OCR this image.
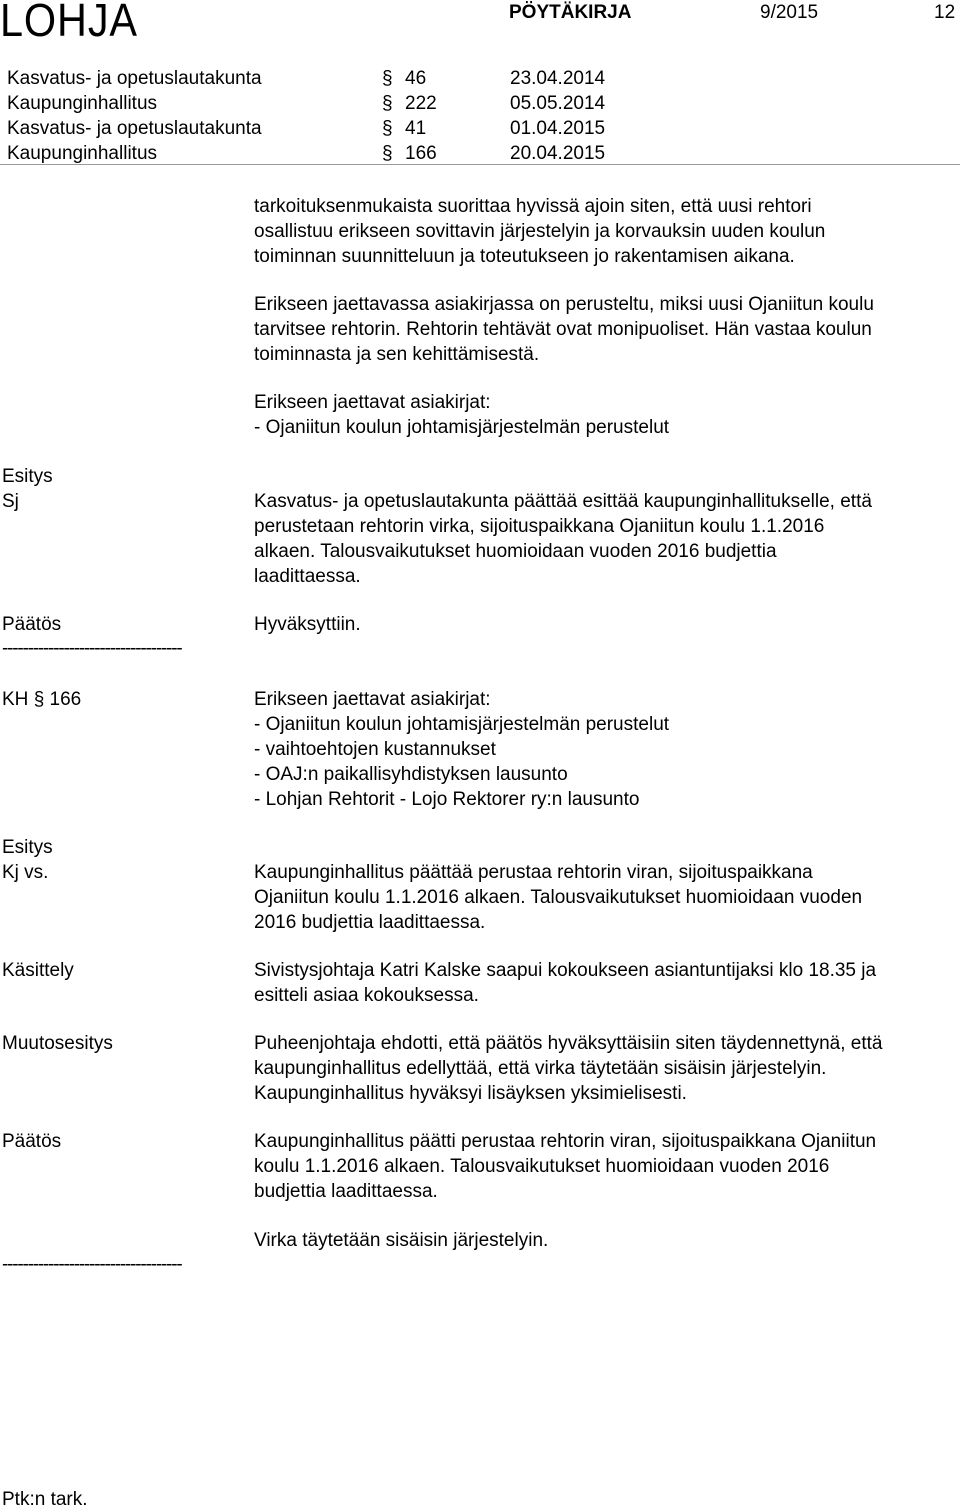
LOHJA	PÖYTÄKIRJA	9/2015	12
Kasvatus- ja opetuslautakunta	§ 46	23.04.2014
Kaupunginhallitus	§ 222	05.05.2014
Kasvatus- ja opetuslautakunta	§ 41	01.04.2015
Kaupunginhallitus	§ 166	20.04.2015
tarkoituksenmukaista suorittaa hyvissä ajoin siten, että uusi rehtori
osallistuu erikseen sovittavin järjestelyin ja korvauksin uuden koulun
toiminnan suunnitteluun ja toteutukseen jo rakentamisen aikana.
Erikseen jaettavassa asiakirjassa on perusteltu, miksi uusi Ojaniitun koulu
tarvitsee rehtorin. Rehtorin tehtävät ovat monipuoliset. Hän vastaa koulun
toiminnasta ja sen kehittämisestä.
Erikseen jaettavat asiakirjat:
- Ojaniitun koulun johtamisjärjestelmän perustelut
Esitys
Sj	Kasvatus- ja opetuslautakunta päättää esittää kaupunginhallitukselle, että
perustetaan rehtorin virka, sijoituspaikkana Ojaniitun koulu 1.1.2016
alkaen. Talousvaikutukset huomioidaan vuoden 2016 budjettia
laadittaessa.
Päätös	Hyväksyttiin.
-----------------------------------
KH § 166	Erikseen jaettavat asiakirjat:
- Ojaniitun koulun johtamisjärjestelmän perustelut
- vaihtoehtojen kustannukset
- OAJ:n paikallisyhdistyksen lausunto
- Lohjan Rehtorit - Lojo Rektorer ry:n lausunto
Esitys
Kj vs.	Kaupunginhallitus päättää perustaa rehtorin viran, sijoituspaikkana
Ojaniitun koulu 1.1.2016 alkaen. Talousvaikutukset huomioidaan vuoden
2016 budjettia laadittaessa.
Käsittely	Sivistysjohtaja Katri Kalske saapui kokoukseen asiantuntijaksi klo 18.35 ja
esitteli asiaa kokouksessa.
Muutosesitys	Puheenjohtaja ehdotti, että päätös hyväksyttäisiin siten täydennettynä, että
kaupunginhallitus edellyttää, että virka täytetään sisäisin järjestelyin.
Kaupunginhallitus hyväksyi lisäyksen yksimielisesti.
Päätös	Kaupunginhallitus päätti perustaa rehtorin viran, sijoituspaikkana Ojaniitun
koulu 1.1.2016 alkaen. Talousvaikutukset huomioidaan vuoden 2016
budjettia laadittaessa.
Virka täytetään sisäisin järjestelyin.
-----------------------------------
Ptk:n tark.
